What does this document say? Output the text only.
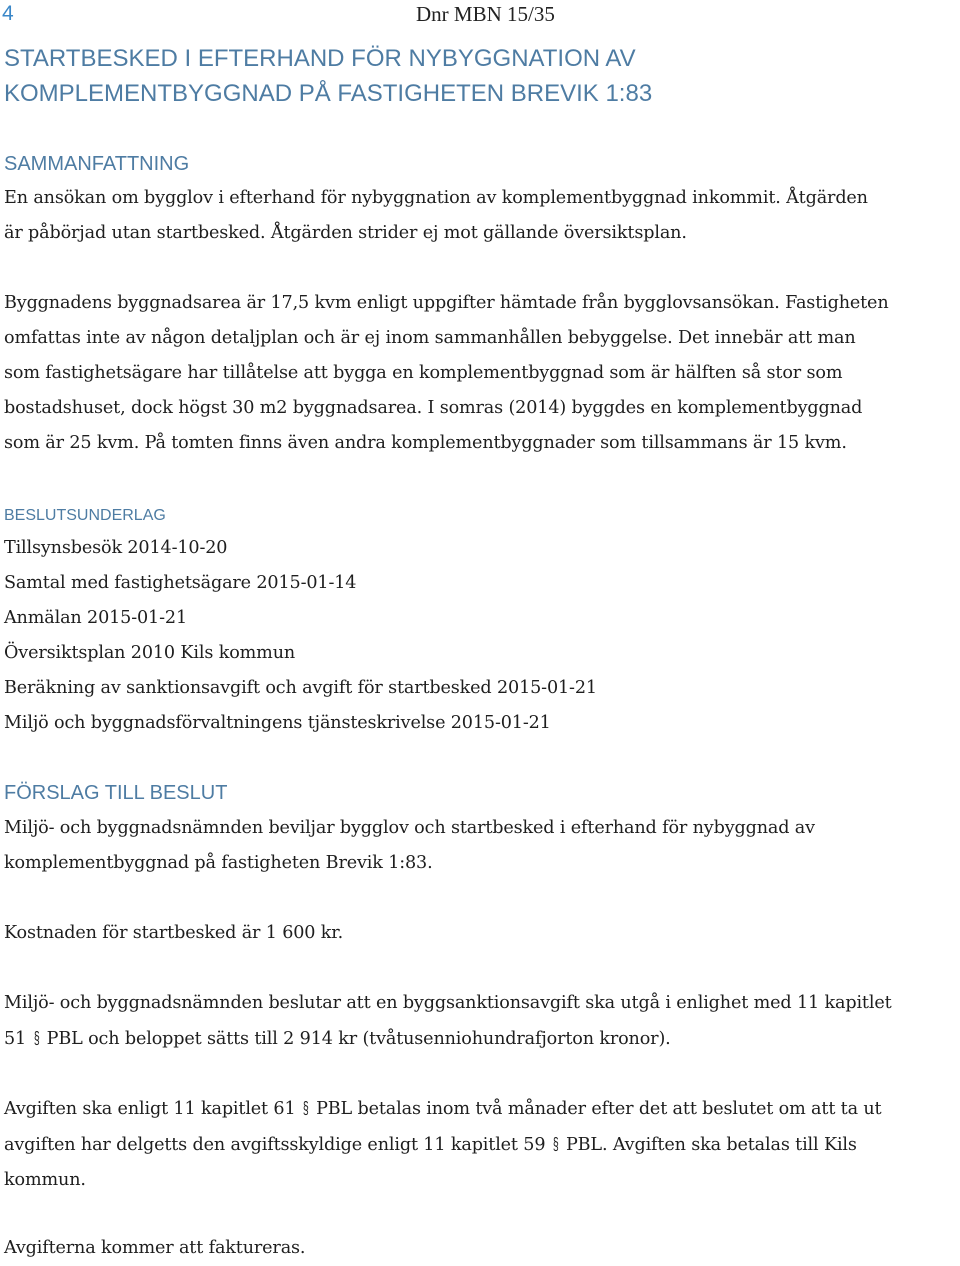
4	Dnr MBN 15/35
STARTBESKED I EFTERHAND FÖR NYBYGGNATION AV
KOMPLEMENTBYGGNAD PÅ FASTIGHETEN BREVIK 1:83
SAMMANFATTNING
En ansökan om bygglov i efterhand för nybyggnation av komplementbyggnad inkommit. Åtgärden
är påbörjad utan startbesked. Åtgärden strider ej mot gällande översiktsplan.
Byggnadens byggnadsarea är 17,5 kvm enligt uppgifter hämtade från bygglovsansökan. Fastigheten
omfattas inte av någon detaljplan och är ej inom sammanhållen bebyggelse. Det innebär att man
som fastighetsägare har tillåtelse att bygga en komplementbyggnad som är hälften så stor som
bostadshuset, dock högst 30 m2 byggnadsarea. I somras (2014) byggdes en komplementbyggnad
som är 25 kvm. På tomten finns även andra komplementbyggnader som tillsammans är 15 kvm.
BESLUTSUNDERLAG
Tillsynsbesök 2014-10-20
Samtal med fastighetsägare 2015-01-14
Anmälan 2015-01-21
Översiktsplan 2010 Kils kommun
Beräkning av sanktionsavgift och avgift för startbesked 2015-01-21
Miljö och byggnadsförvaltningens tjänsteskrivelse 2015-01-21
FÖRSLAG TILL BESLUT
Miljö- och byggnadsnämnden beviljar bygglov och startbesked i efterhand för nybyggnad av
komplementbyggnad på fastigheten Brevik 1:83.
Kostnaden för startbesked är 1 600 kr.
Miljö- och byggnadsnämnden beslutar att en byggsanktionsavgift ska utgå i enlighet med 11 kapitlet
51 § PBL och beloppet sätts till 2 914 kr (tvåtusenniohundrafjorton kronor).
Avgiften ska enligt 11 kapitlet 61 § PBL betalas inom två månader efter det att beslutet om att ta ut
avgiften har delgetts den avgiftsskyldige enligt 11 kapitlet 59 § PBL. Avgiften ska betalas till Kils
kommun.
Avgifterna kommer att faktureras.
